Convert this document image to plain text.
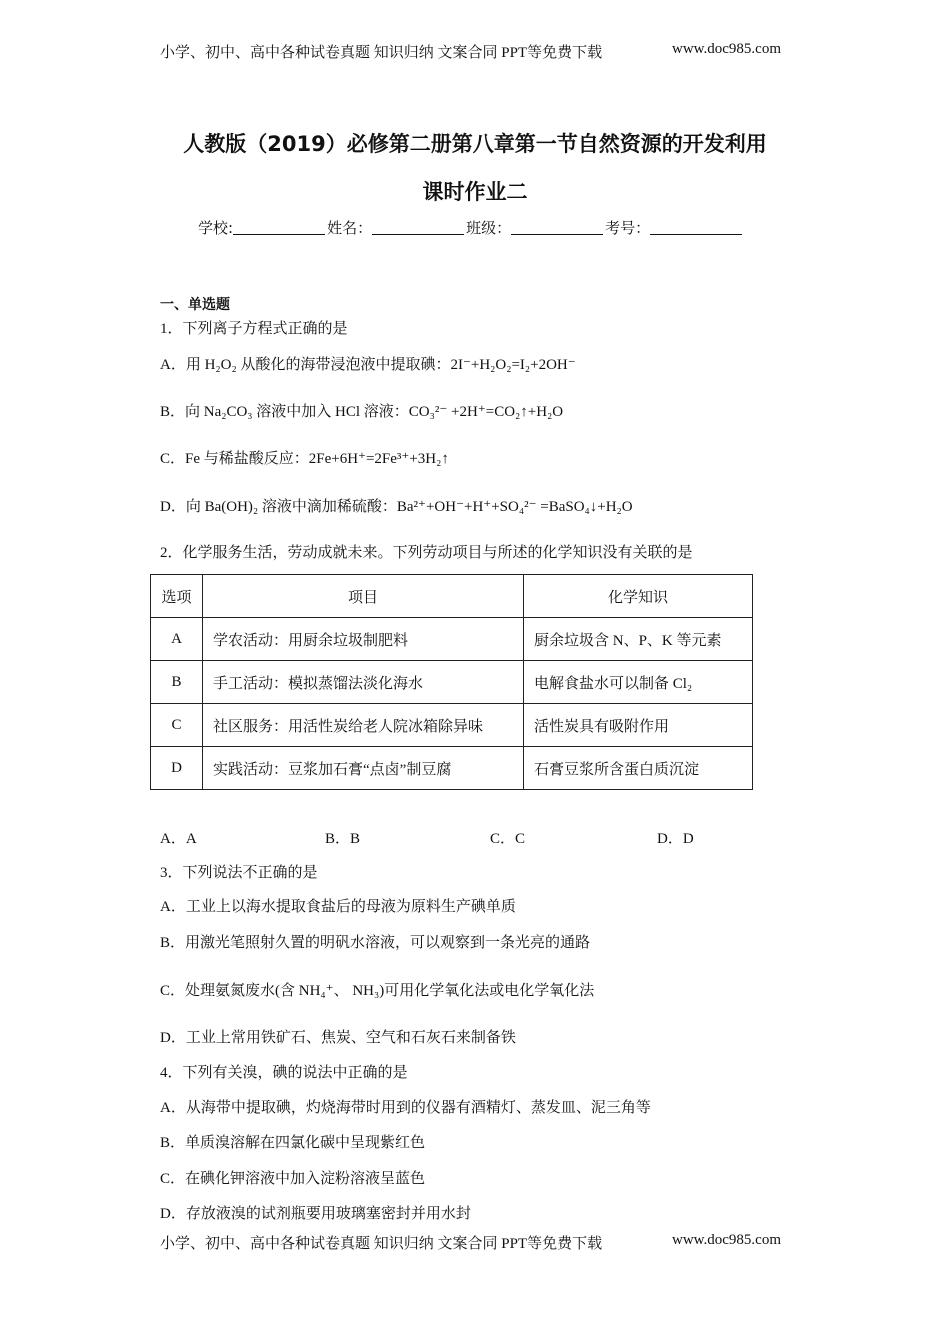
小学、初中、高中各种试卷真题 知识归纳 文案合同 PPT等免费下载	www.doc985.com
人教版（2019）必修第二册第八章第一节自然资源的开发利用
课时作业二
学校:	姓名：	班级：	考号：
一、单选题
1．下列离子方程式正确的是
A．用 H₂O₂ 从酸化的海带浸泡液中提取碘：2I⁻+H₂O₂=I₂+2OH⁻
B．向 Na₂CO₃ 溶液中加入 HCl 溶液：CO₃²⁻ +2H⁺=CO₂↑+H₂O
C．Fe 与稀盐酸反应：2Fe+6H⁺=2Fe³⁺+3H₂↑
D．向 Ba(OH)₂ 溶液中滴加稀硫酸：Ba²⁺+OH⁻+H⁺+SO₄²⁻ =BaSO₄↓+H₂O
2．化学服务生活，劳动成就未来。下列劳动项目与所述的化学知识没有关联的是
选项	项目	化学知识
A	学农活动：用厨余垃圾制肥料	厨余垃圾含 N、P、K 等元素
B	手工活动：模拟蒸馏法淡化海水	电解食盐水可以制备 Cl₂
C	社区服务：用活性炭给老人院冰箱除异味	活性炭具有吸附作用
D	实践活动：豆浆加石膏“点卤”制豆腐	石膏豆浆所含蛋白质沉淀
A．A	B．B	C．C	D．D
3．下列说法不正确的是
A．工业上以海水提取食盐后的母液为原料生产碘单质
B．用激光笔照射久置的明矾水溶液，可以观察到一条光亮的通路
C．处理氨氮废水(含 NH₄⁺、 NH₃)可用化学氧化法或电化学氧化法
D．工业上常用铁矿石、焦炭、空气和石灰石来制备铁
4．下列有关溴，碘的说法中正确的是
A．从海带中提取碘，灼烧海带时用到的仪器有酒精灯、蒸发皿、泥三角等
B．单质溴溶解在四氯化碳中呈现紫红色
C．在碘化钾溶液中加入淀粉溶液呈蓝色
D．存放液溴的试剂瓶要用玻璃塞密封并用水封
小学、初中、高中各种试卷真题 知识归纳 文案合同 PPT等免费下载	www.doc985.com
